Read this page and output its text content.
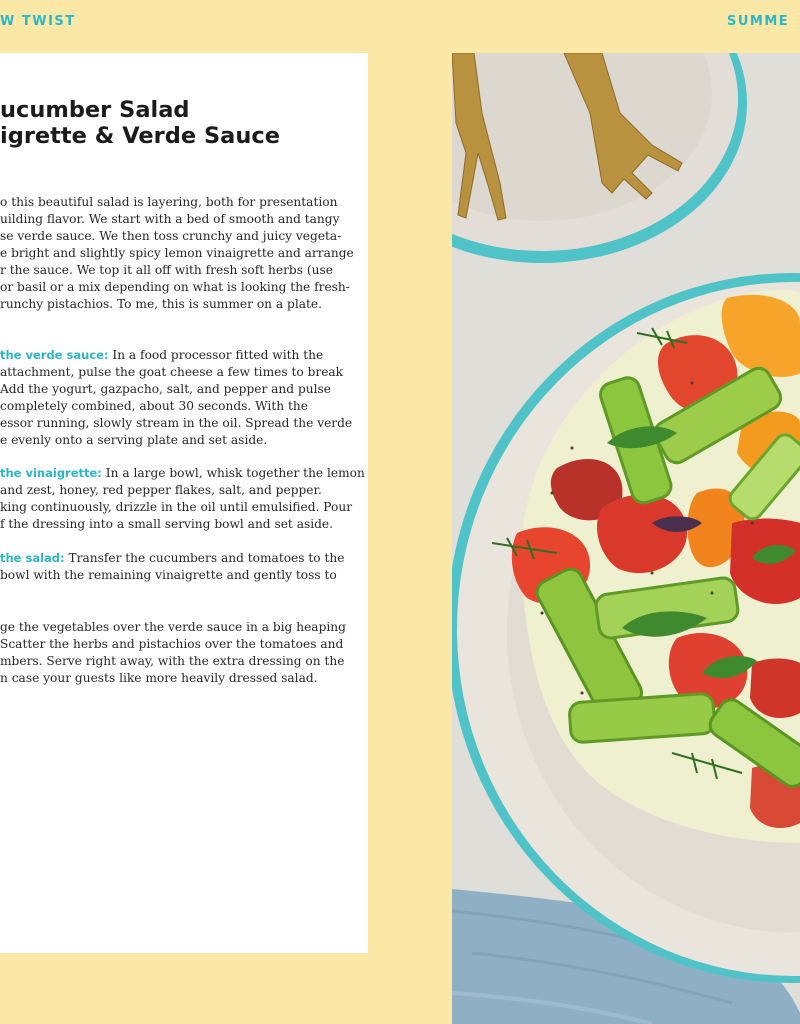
W TWIST	SUMME
ucumber Salad
igrette & Verde Sauce

o this beautiful salad is layering, both for presentation
uilding flavor. We start with a bed of smooth and tangy
se verde sauce. We then toss crunchy and juicy vegeta-
e bright and slightly spicy lemon vinaigrette and arrange
r the sauce. We top it all off with fresh soft herbs (use
or basil or a mix depending on what is looking the fresh-
runchy pistachios. To me, this is summer on a plate.

the verde sauce: In a food processor fitted with the
attachment, pulse the goat cheese a few times to break
Add the yogurt, gazpacho, salt, and pepper and pulse
completely combined, about 30 seconds. With the
essor running, slowly stream in the oil. Spread the verde
e evenly onto a serving plate and set aside.

the vinaigrette: In a large bowl, whisk together the lemon
and zest, honey, red pepper flakes, salt, and pepper.
king continuously, drizzle in the oil until emulsified. Pour
f the dressing into a small serving bowl and set aside.

the salad: Transfer the cucumbers and tomatoes to the
bowl with the remaining vinaigrette and gently toss to

ge the vegetables over the verde sauce in a big heaping
Scatter the herbs and pistachios over the tomatoes and
mbers. Serve right away, with the extra dressing on the
n case your guests like more heavily dressed salad.
